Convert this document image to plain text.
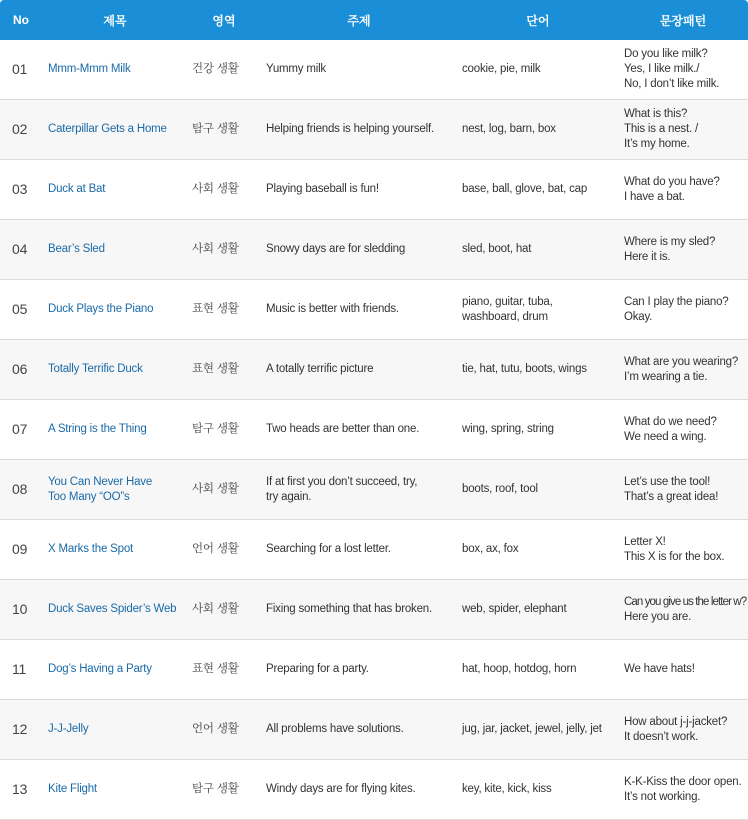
No	제목	영역	주제	단어	문장패턴
01	Mmm-Mmm Milk	건강 생활	Yummy milk	cookie, pie, milk	Do you like milk?
Yes, I like milk./
No, I don’t like milk.

02	Caterpillar Gets a Home	탐구 생활	Helping friends is helping yourself.	nest, log, barn, box	What is this?
This is a nest. /
It’s my home.

03	Duck at Bat	사회 생활	Playing baseball is fun!	base, ball, glove, bat, cap	What do you have?
I have a bat.

04	Bear’s Sled	사회 생활	Snowy days are for sledding	sled, boot, hat	Where is my sled?
Here it is.

05	Duck Plays the Piano	표현 생활	Music is better with friends.	piano, guitar, tuba,
washboard, drum	Can I play the piano?
Okay.

06	Totally Terrific Duck	표현 생활	A totally terrific picture	tie, hat, tutu, boots, wings	What are you wearing?
I’m wearing a tie.

07	A String is the Thing	탐구 생활	Two heads are better than one.	wing, spring, string	What do we need?
We need a wing.

08	You Can Never Have
Too Many “OO”s	사회 생활	If at first you don’t succeed, try,
try again.	boots, roof, tool	Let’s use the tool!
That’s a great idea!

09	X Marks the Spot	언어 생활	Searching for a lost letter.	box, ax, fox	Letter X!
This X is for the box.

10	Duck Saves Spider’s Web	사회 생활	Fixing something that has broken.	web, spider, elephant	Can you give us the letter w?
Here you are.

11	Dog’s Having a Party	표현 생활	Preparing for a party.	hat, hoop, hotdog, horn	We have hats!

12	J-J-Jelly	언어 생활	All problems have solutions.	jug, jar, jacket, jewel, jelly, jet	How about j-j-jacket?
It doesn’t work.

13	Kite Flight	탐구 생활	Windy days are for flying kites.	key, kite, kick, kiss	K-K-Kiss the door open.
It’s not working.
